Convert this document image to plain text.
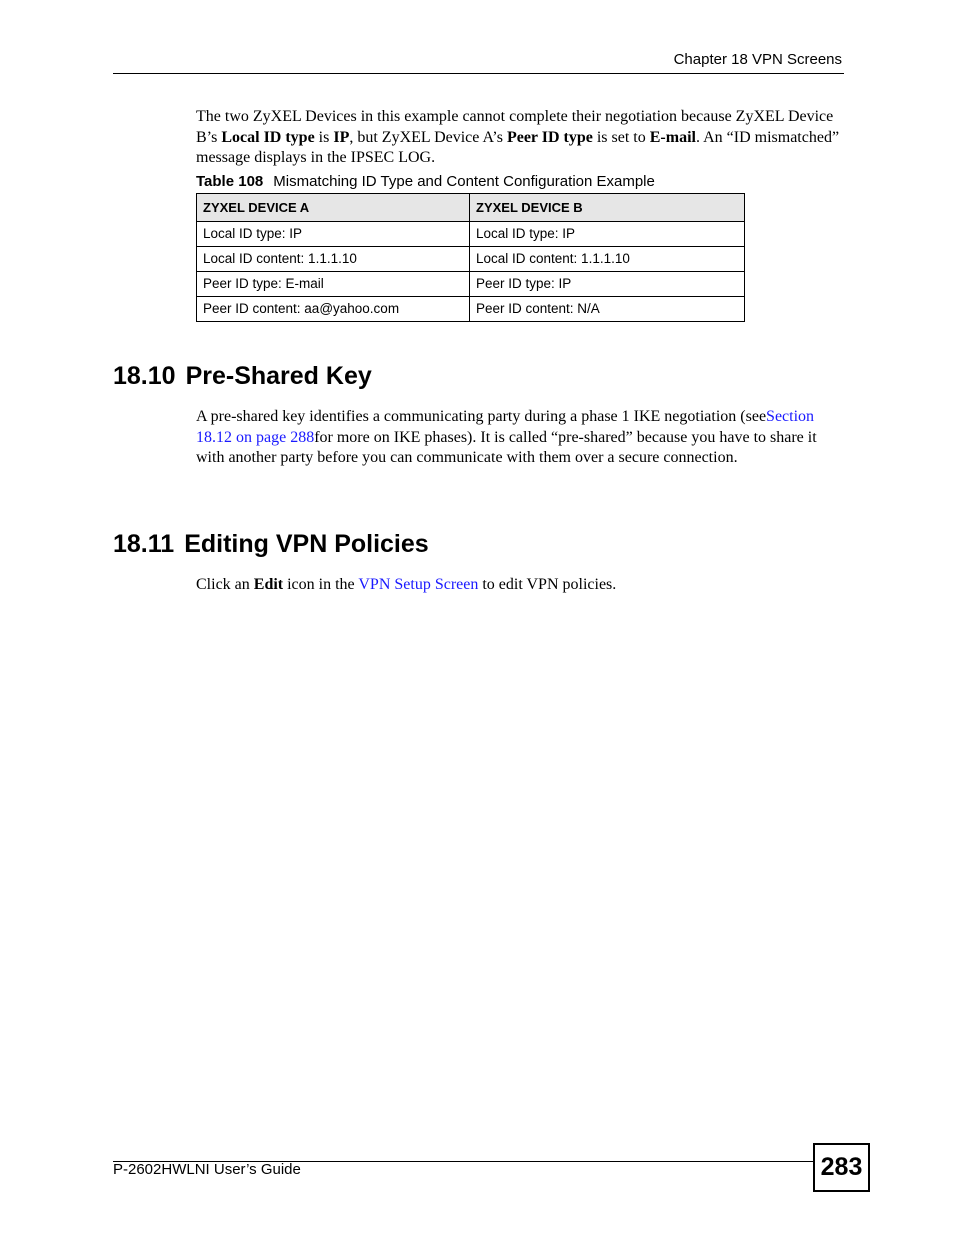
Chapter 18 VPN Screens

The two ZyXEL Devices in this example cannot complete their negotiation because ZyXEL Device B’s Local ID type is IP, but ZyXEL Device A’s Peer ID type is set to E-mail. An “ID mismatched” message displays in the IPSEC LOG.

Table 108 Mismatching ID Type and Content Configuration Example
ZYXEL DEVICE A	ZYXEL DEVICE B
Local ID type: IP	Local ID type: IP
Local ID content: 1.1.1.10	Local ID content: 1.1.1.10
Peer ID type: E-mail	Peer ID type: IP
Peer ID content: aa@yahoo.com	Peer ID content: N/A
18.10 Pre-Shared Key

A pre-shared key identifies a communicating party during a phase 1 IKE negotiation (seeSection 18.12 on page 288for more on IKE phases). It is called “pre-shared” because you have to share it with another party before you can communicate with them over a secure connection.

18.11 Editing VPN Policies

Click an Edit icon in the VPN Setup Screen to edit VPN policies.

P-2602HWLNI User’s Guide	283
